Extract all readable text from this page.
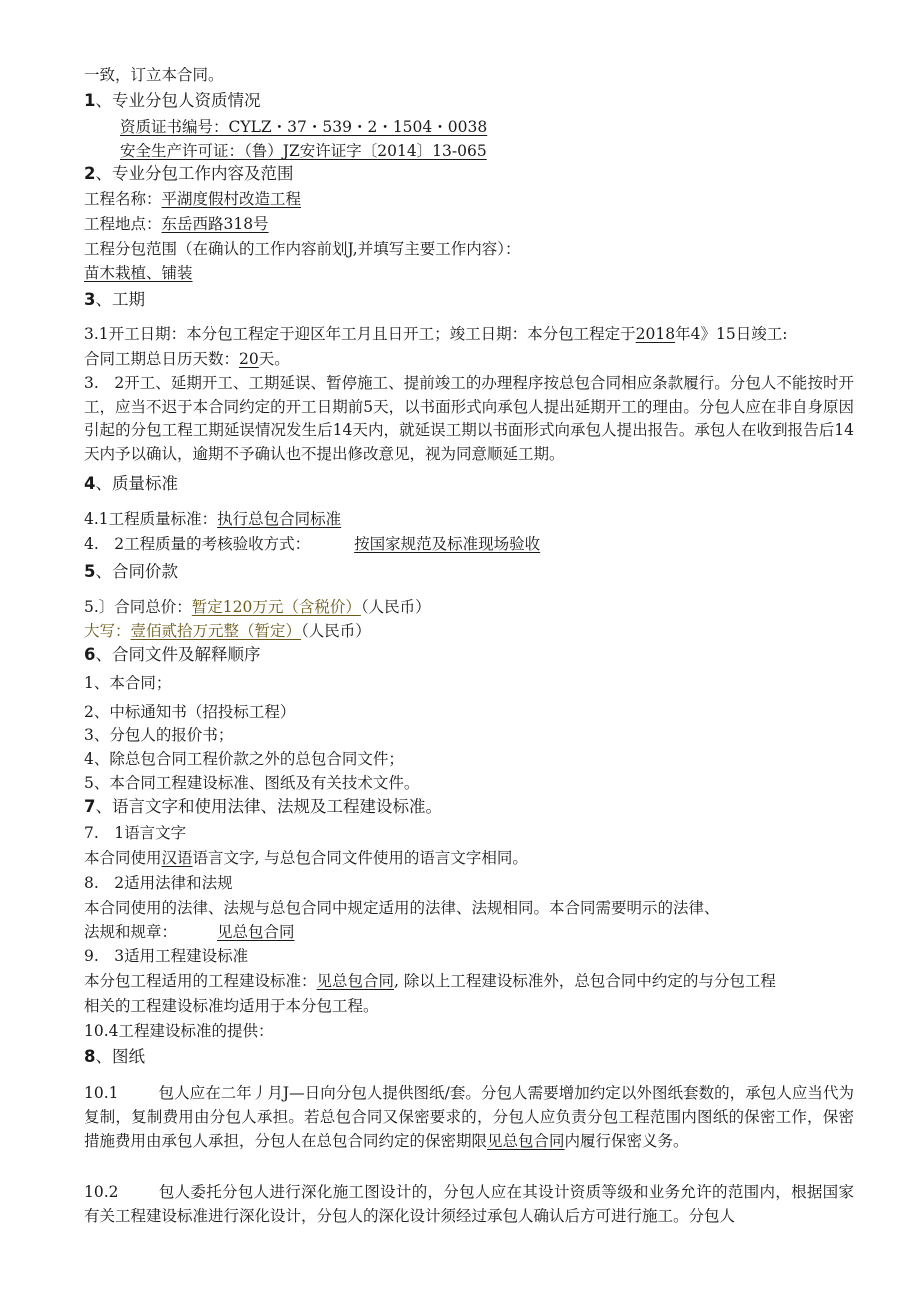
一致，订立本合同。
1、专业分包人资质情况
资质证书编号：CYLZ・37・539・2・1504・0038
安全生产许可证：（鲁）JZ安许证字〔2014〕13-065
2、专业分包工作内容及范围
工程名称：平湖度假村改造工程
工程地点：东岳西路318号
工程分包范围（在确认的工作内容前划J,并填写主要工作内容）：
苗木栽植、铺装
3、工期
3.1开工日期：本分包工程定于迎区年工月且日开工；竣工日期：本分包工程定于2018年4》15日竣工:
合同工期总日历天数：20天。
3.　2开工、延期开工、工期延误、暂停施工、提前竣工的办理程序按总包合同相应条款履行。分包人不能按时开工，应当不迟于本合同约定的开工日期前5天，以书面形式向承包人提出延期开工的理由。分包人应在非自身原因引起的分包工程工期延误情况发生后14天内，就延误工期以书面形式向承包人提出报告。承包人在收到报告后14天内予以确认，逾期不予确认也不提出修改意见，视为同意顺延工期。
4、质量标准
4.1工程质量标准：执行总包合同标准
4.　2工程质量的考核验收方式：	按国家规范及标准现场验收
5、合同价款
5.〕合同总价：暂定120万元（含税价）（人民币）
大写：壹佰贰拾万元整（暂定）（人民币）
6、合同文件及解释顺序
1、本合同；
2、中标通知书（招投标工程）
3、分包人的报价书；
4、除总包合同工程价款之外的总包合同文件；
5、本合同工程建设标准、图纸及有关技术文件。
7、语言文字和使用法律、法规及工程建设标准。
7.　1语言文字
本合同使用汉语语言文字, 与总包合同文件使用的语言文字相同。
8.　2适用法律和法规
本合同使用的法律、法规与总包合同中规定适用的法律、法规相同。本合同需要明示的法律、
法规和规章：	见总包合同
9.　3适用工程建设标准
本分包工程适用的工程建设标准：见总包合同, 除以上工程建设标准外，总包合同中约定的与分包工程
相关的工程建设标准均适用于本分包工程。
10.4工程建设标准的提供：
8、图纸
10.1	包人应在二年丿月J—日向分包人提供图纸/套。分包人需要增加约定以外图纸套数的，承包人应当代为复制，复制费用由分包人承担。若总包合同又保密要求的，分包人应负责分包工程范围内图纸的保密工作，保密措施费用由承包人承担，分包人在总包合同约定的保密期限见总包合同内履行保密义务。
10.2	包人委托分包人进行深化施工图设计的，分包人应在其设计资质等级和业务允许的范围内，根据国家有关工程建设标准进行深化设计，分包人的深化设计须经过承包人确认后方可进行施工。分包人
